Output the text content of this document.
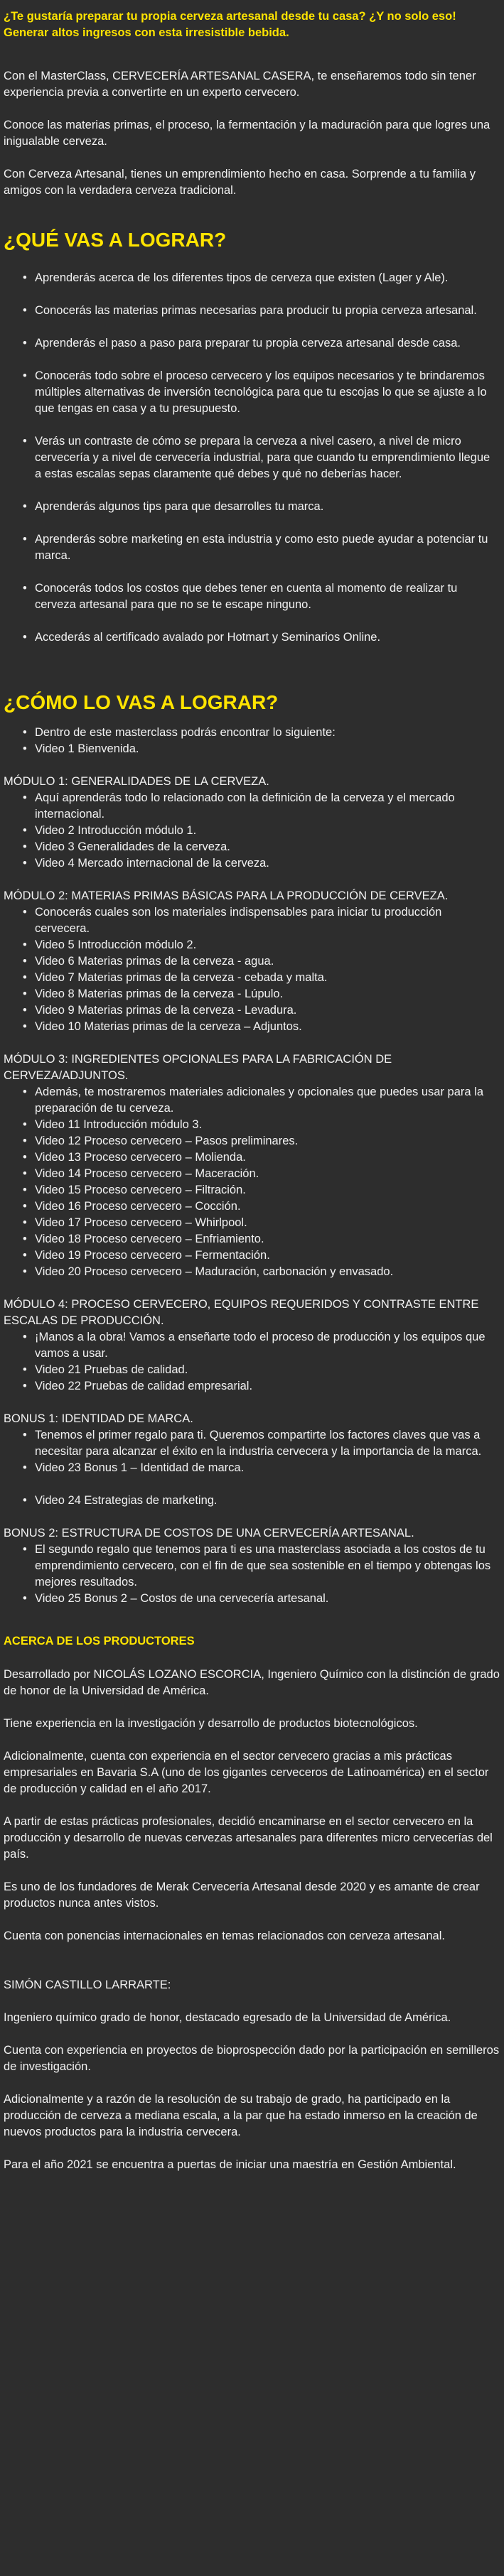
¿Te gustaría preparar tu propia cerveza artesanal desde tu casa? ¿Y no solo eso! Generar altos ingresos con esta irresistible bebida.

Con el MasterClass, CERVECERÍA ARTESANAL CASERA, te enseñaremos todo sin tener experiencia previa a convertirte en un experto cervecero.

Conoce las materias primas, el proceso, la fermentación y la maduración para que logres una inigualable cerveza.

Con Cerveza Artesanal, tienes un emprendimiento hecho en casa. Sorprende a tu familia y amigos con la verdadera cerveza tradicional.

¿QUÉ VAS A LOGRAR?
• Aprenderás acerca de los diferentes tipos de cerveza que existen (Lager y Ale).
• Conocerás las materias primas necesarias para producir tu propia cerveza artesanal.
• Aprenderás el paso a paso para preparar tu propia cerveza artesanal desde casa.
• Conocerás todo sobre el proceso cervecero y los equipos necesarios y te brindaremos múltiples alternativas de inversión tecnológica para que tu escojas lo que se ajuste a lo que tengas en casa y a tu presupuesto.
• Verás un contraste de cómo se prepara la cerveza a nivel casero, a nivel de micro cervecería y a nivel de cervecería industrial, para que cuando tu emprendimiento llegue a estas escalas sepas claramente qué debes y qué no deberías hacer.
• Aprenderás algunos tips para que desarrolles tu marca.
• Aprenderás sobre marketing en esta industria y como esto puede ayudar a potenciar tu marca.
• Conocerás todos los costos que debes tener en cuenta al momento de realizar tu cerveza artesanal para que no se te escape ninguno.
• Accederás al certificado avalado por Hotmart y Seminarios Online.
¿CÓMO LO VAS A LOGRAR?
• Dentro de este masterclass podrás encontrar lo siguiente:
• Video 1 Bienvenida.

MÓDULO 1: GENERALIDADES DE LA CERVEZA.

• Aquí aprenderás todo lo relacionado con la definición de la cerveza y el mercado internacional.
• Video 2 Introducción módulo 1.
• Video 3 Generalidades de la cerveza.
• Video 4 Mercado internacional de la cerveza.

MÓDULO 2: MATERIAS PRIMAS BÁSICAS PARA LA PRODUCCIÓN DE CERVEZA.

• Conocerás cuales son los materiales indispensables para iniciar tu producción cervecera.
• Video 5 Introducción módulo 2.
• Video 6 Materias primas de la cerveza - agua.
• Video 7 Materias primas de la cerveza - cebada y malta.
• Video 8 Materias primas de la cerveza - Lúpulo.
• Video 9 Materias primas de la cerveza - Levadura.
• Video 10 Materias primas de la cerveza – Adjuntos.

MÓDULO 3: INGREDIENTES OPCIONALES PARA LA FABRICACIÓN DE CERVEZA/ADJUNTOS.

• Además, te mostraremos materiales adicionales y opcionales que puedes usar para la preparación de tu cerveza.
• Video 11 Introducción módulo 3.
• Video 12 Proceso cervecero – Pasos preliminares.
• Video 13 Proceso cervecero – Molienda.
• Video 14 Proceso cervecero – Maceración.
• Video 15 Proceso cervecero – Filtración.
• Video 16 Proceso cervecero – Cocción.
• Video 17 Proceso cervecero – Whirlpool.
• Video 18 Proceso cervecero – Enfriamiento.
• Video 19 Proceso cervecero – Fermentación.
• Video 20 Proceso cervecero – Maduración, carbonación y envasado.

MÓDULO 4: PROCESO CERVECERO, EQUIPOS REQUERIDOS Y CONTRASTE ENTRE ESCALAS DE PRODUCCIÓN.

• ¡Manos a la obra! Vamos a enseñarte todo el proceso de producción y los equipos que vamos a usar.
• Video 21 Pruebas de calidad.
• Video 22 Pruebas de calidad empresarial.

BONUS 1: IDENTIDAD DE MARCA.

• Tenemos el primer regalo para ti. Queremos compartirte los factores claves que vas a necesitar para alcanzar el éxito en la industria cervecera y la importancia de la marca.
• Video 23 Bonus 1 – Identidad de marca.
• Video 24 Estrategias de marketing.

BONUS 2: ESTRUCTURA DE COSTOS DE UNA CERVECERÍA ARTESANAL.

• El segundo regalo que tenemos para ti es una masterclass asociada a los costos de tu emprendimiento cervecero, con el fin de que sea sostenible en el tiempo y obtengas los mejores resultados.
• Video 25 Bonus 2 – Costos de una cervecería artesanal.
ACERCA DE LOS PRODUCTORES

Desarrollado por NICOLÁS LOZANO ESCORCIA, Ingeniero Químico con la distinción de grado de honor de la Universidad de América.

Tiene experiencia en la investigación y desarrollo de productos biotecnológicos.

Adicionalmente, cuenta con experiencia en el sector cervecero gracias a mis prácticas empresariales en Bavaria S.A (uno de los gigantes cerveceros de Latinoamérica) en el sector de producción y calidad en el año 2017.

A partir de estas prácticas profesionales, decidió encaminarse en el sector cervecero en la producción y desarrollo de nuevas cervezas artesanales para diferentes micro cervecerías del país.

Es uno de los fundadores de Merak Cervecería Artesanal desde 2020 y es amante de crear productos nunca antes vistos.

Cuenta con ponencias internacionales en temas relacionados con cerveza artesanal.

SIMÓN CASTILLO LARRARTE:

Ingeniero químico grado de honor, destacado egresado de la Universidad de América.

Cuenta con experiencia en proyectos de bioprospección dado por la participación en semilleros de investigación.

Adicionalmente y a razón de la resolución de su trabajo de grado, ha participado en la producción de cerveza a mediana escala, a la par que ha estado inmerso en la creación de nuevos productos para la industria cervecera.

Para el año 2021 se encuentra a puertas de iniciar una maestría en Gestión Ambiental.
